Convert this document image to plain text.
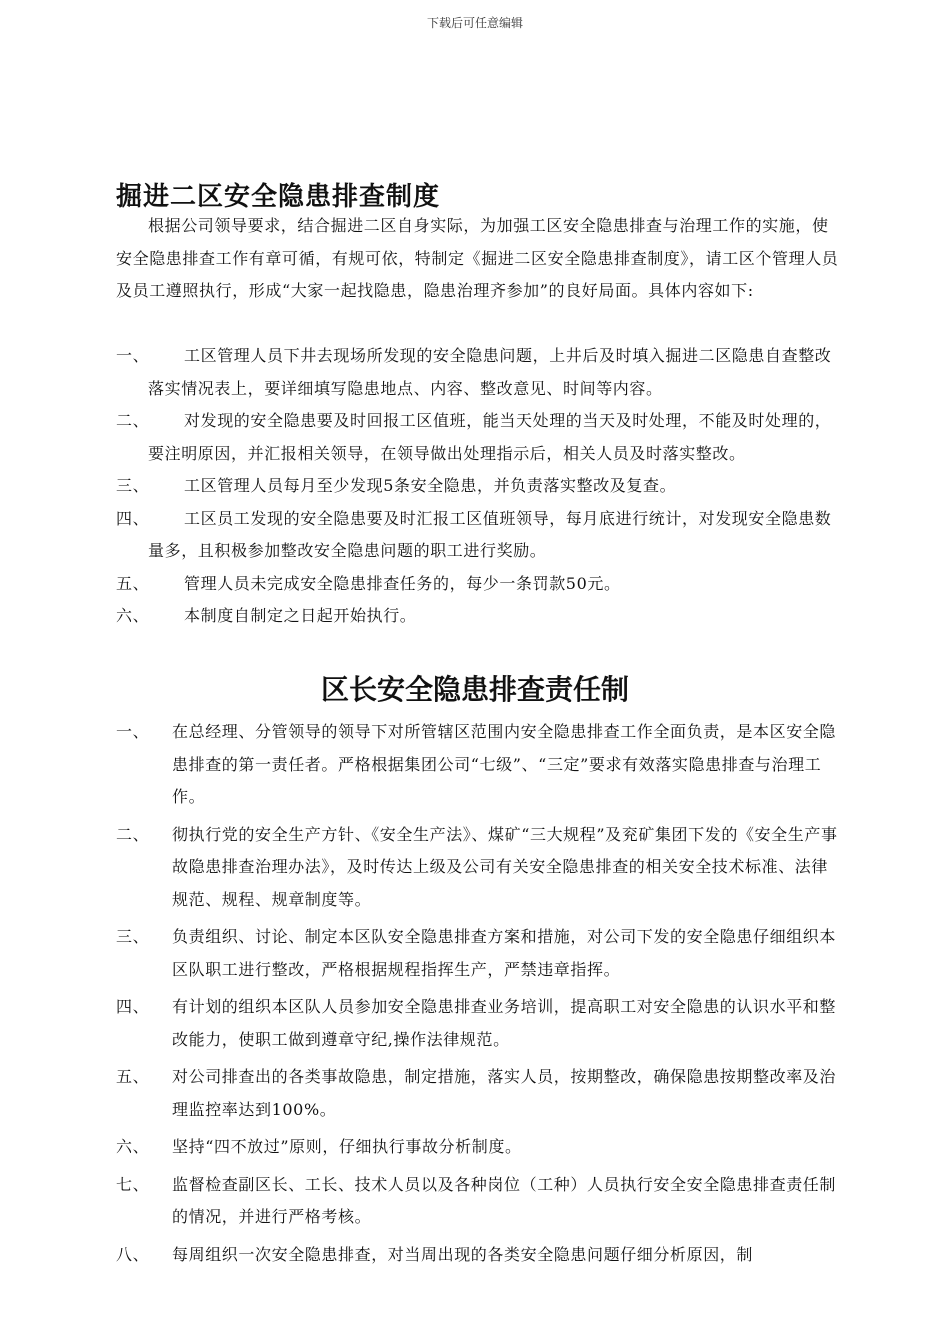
下载后可任意编辑
掘进二区安全隐患排查制度

根据公司领导要求，结合掘进二区自身实际，为加强工区安全隐患排查与治理工作的实施，使安全隐患排查工作有章可循，有规可依，特制定《掘进二区安全隐患排查制度》，请工区个管理人员及员工遵照执行，形成“大家一起找隐患，隐患治理齐参加”的良好局面。具体内容如下:

一、	工区管理人员下井去现场所发现的安全隐患问题，上井后及时填入掘进二区隐患自查整改落实情况表上，要详细填写隐患地点、内容、整改意见、时间等内容。
二、	对发现的安全隐患要及时回报工区值班，能当天处理的当天及时处理，不能及时处理的，要注明原因，并汇报相关领导，在领导做出处理指示后，相关人员及时落实整改。
三、	工区管理人员每月至少发现5条安全隐患，并负责落实整改及复查。
四、	工区员工发现的安全隐患要及时汇报工区值班领导，每月底进行统计，对发现安全隐患数量多，且积极参加整改安全隐患问题的职工进行奖励。
五、	管理人员未完成安全隐患排查任务的，每少一条罚款50元。
六、	本制度自制定之日起开始执行。
区长安全隐患排查责任制
一、 在总经理、分管领导的领导下对所管辖区范围内安全隐患排查工作全面负责，是本区安全隐患排查的第一责任者。严格根据集团公司“七级”、“三定”要求有效落实隐患排查与治理工作。
二、 彻执行党的安全生产方针、《安全生产法》、煤矿“三大规程”及兖矿集团下发的《安全生产事故隐患排查治理办法》，及时传达上级及公司有关安全隐患排查的相关安全技术标准、法律规范、规程、规章制度等。
三、 负责组织、讨论、制定本区队安全隐患排查方案和措施，对公司下发的安全隐患仔细组织本区队职工进行整改，严格根据规程指挥生产，严禁违章指挥。
四、 有计划的组织本区队人员参加安全隐患排查业务培训，提高职工对安全隐患的认识水平和整改能力，使职工做到遵章守纪,操作法律规范。
五、 对公司排查出的各类事故隐患，制定措施，落实人员，按期整改，确保隐患按期整改率及治理监控率达到100%。
六、 坚持“四不放过”原则，仔细执行事故分析制度。
七、 监督检查副区长、工长、技术人员以及各种岗位（工种）人员执行安全安全隐患排查责任制的情况，并进行严格考核。
八、 每周组织一次安全隐患排查，对当周出现的各类安全隐患问题仔细分析原因，制
